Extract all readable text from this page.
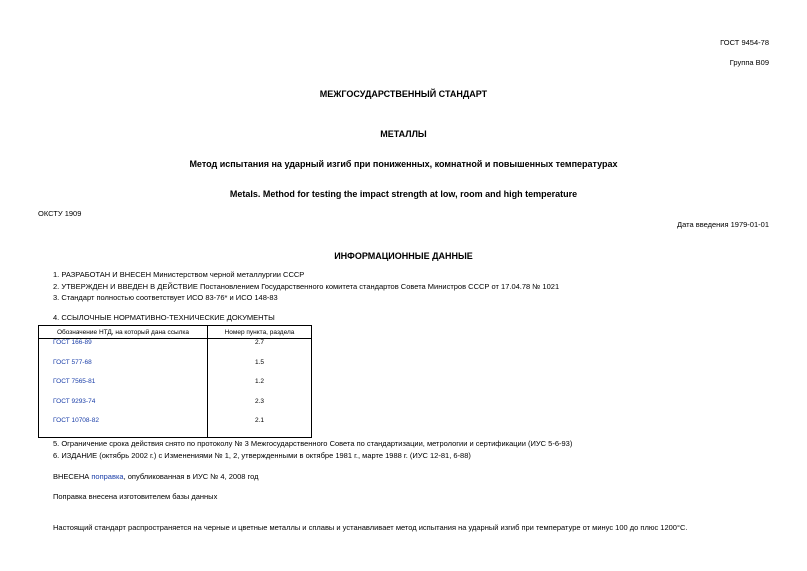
ГОСТ 9454-78
Группа В09
МЕЖГОСУДАРСТВЕННЫЙ СТАНДАРТ
МЕТАЛЛЫ
Метод испытания на ударный изгиб при пониженных, комнатной и повышенных температурах
Metals. Method for testing the impact strength at low, room and high temperature
ОКСТУ 1909
Дата введения 1979-01-01
ИНФОРМАЦИОННЫЕ ДАННЫЕ
1. РАЗРАБОТАН И ВНЕСЕН Министерством черной металлургии СССР
2. УТВЕРЖДЕН И ВВЕДЕН В ДЕЙСТВИЕ Постановлением Государственного комитета стандартов Совета Министров СССР от 17.04.78 № 1021
3. Стандарт полностью соответствует ИСО 83-76* и ИСО 148-83
4. ССЫЛОЧНЫЕ НОРМАТИВНО-ТЕХНИЧЕСКИЕ ДОКУМЕНТЫ
Обозначение НТД, на который дана ссылка	Номер пункта, раздела
ГОСТ 166-89	2.7
ГОСТ 577-68	1.5
ГОСТ 7565-81	1.2
ГОСТ 9293-74	2.3
ГОСТ 10708-82	2.1
5. Ограничение срока действия снято по протоколу № 3 Межгосударственного Совета по стандартизации, метрологии и сертификации (ИУС 5-6-93)
6. ИЗДАНИЕ (октябрь 2002 г.) с Изменениями № 1, 2, утвержденными в октябре 1981 г., марте 1988 г. (ИУС 12-81, 6-88)
ВНЕСЕНА поправка, опубликованная в ИУС № 4, 2008 год
Поправка внесена изготовителем базы данных
Настоящий стандарт распространяется на черные и цветные металлы и сплавы и устанавливает метод испытания на ударный изгиб при температуре от минус 100 до плюс 1200°С.
